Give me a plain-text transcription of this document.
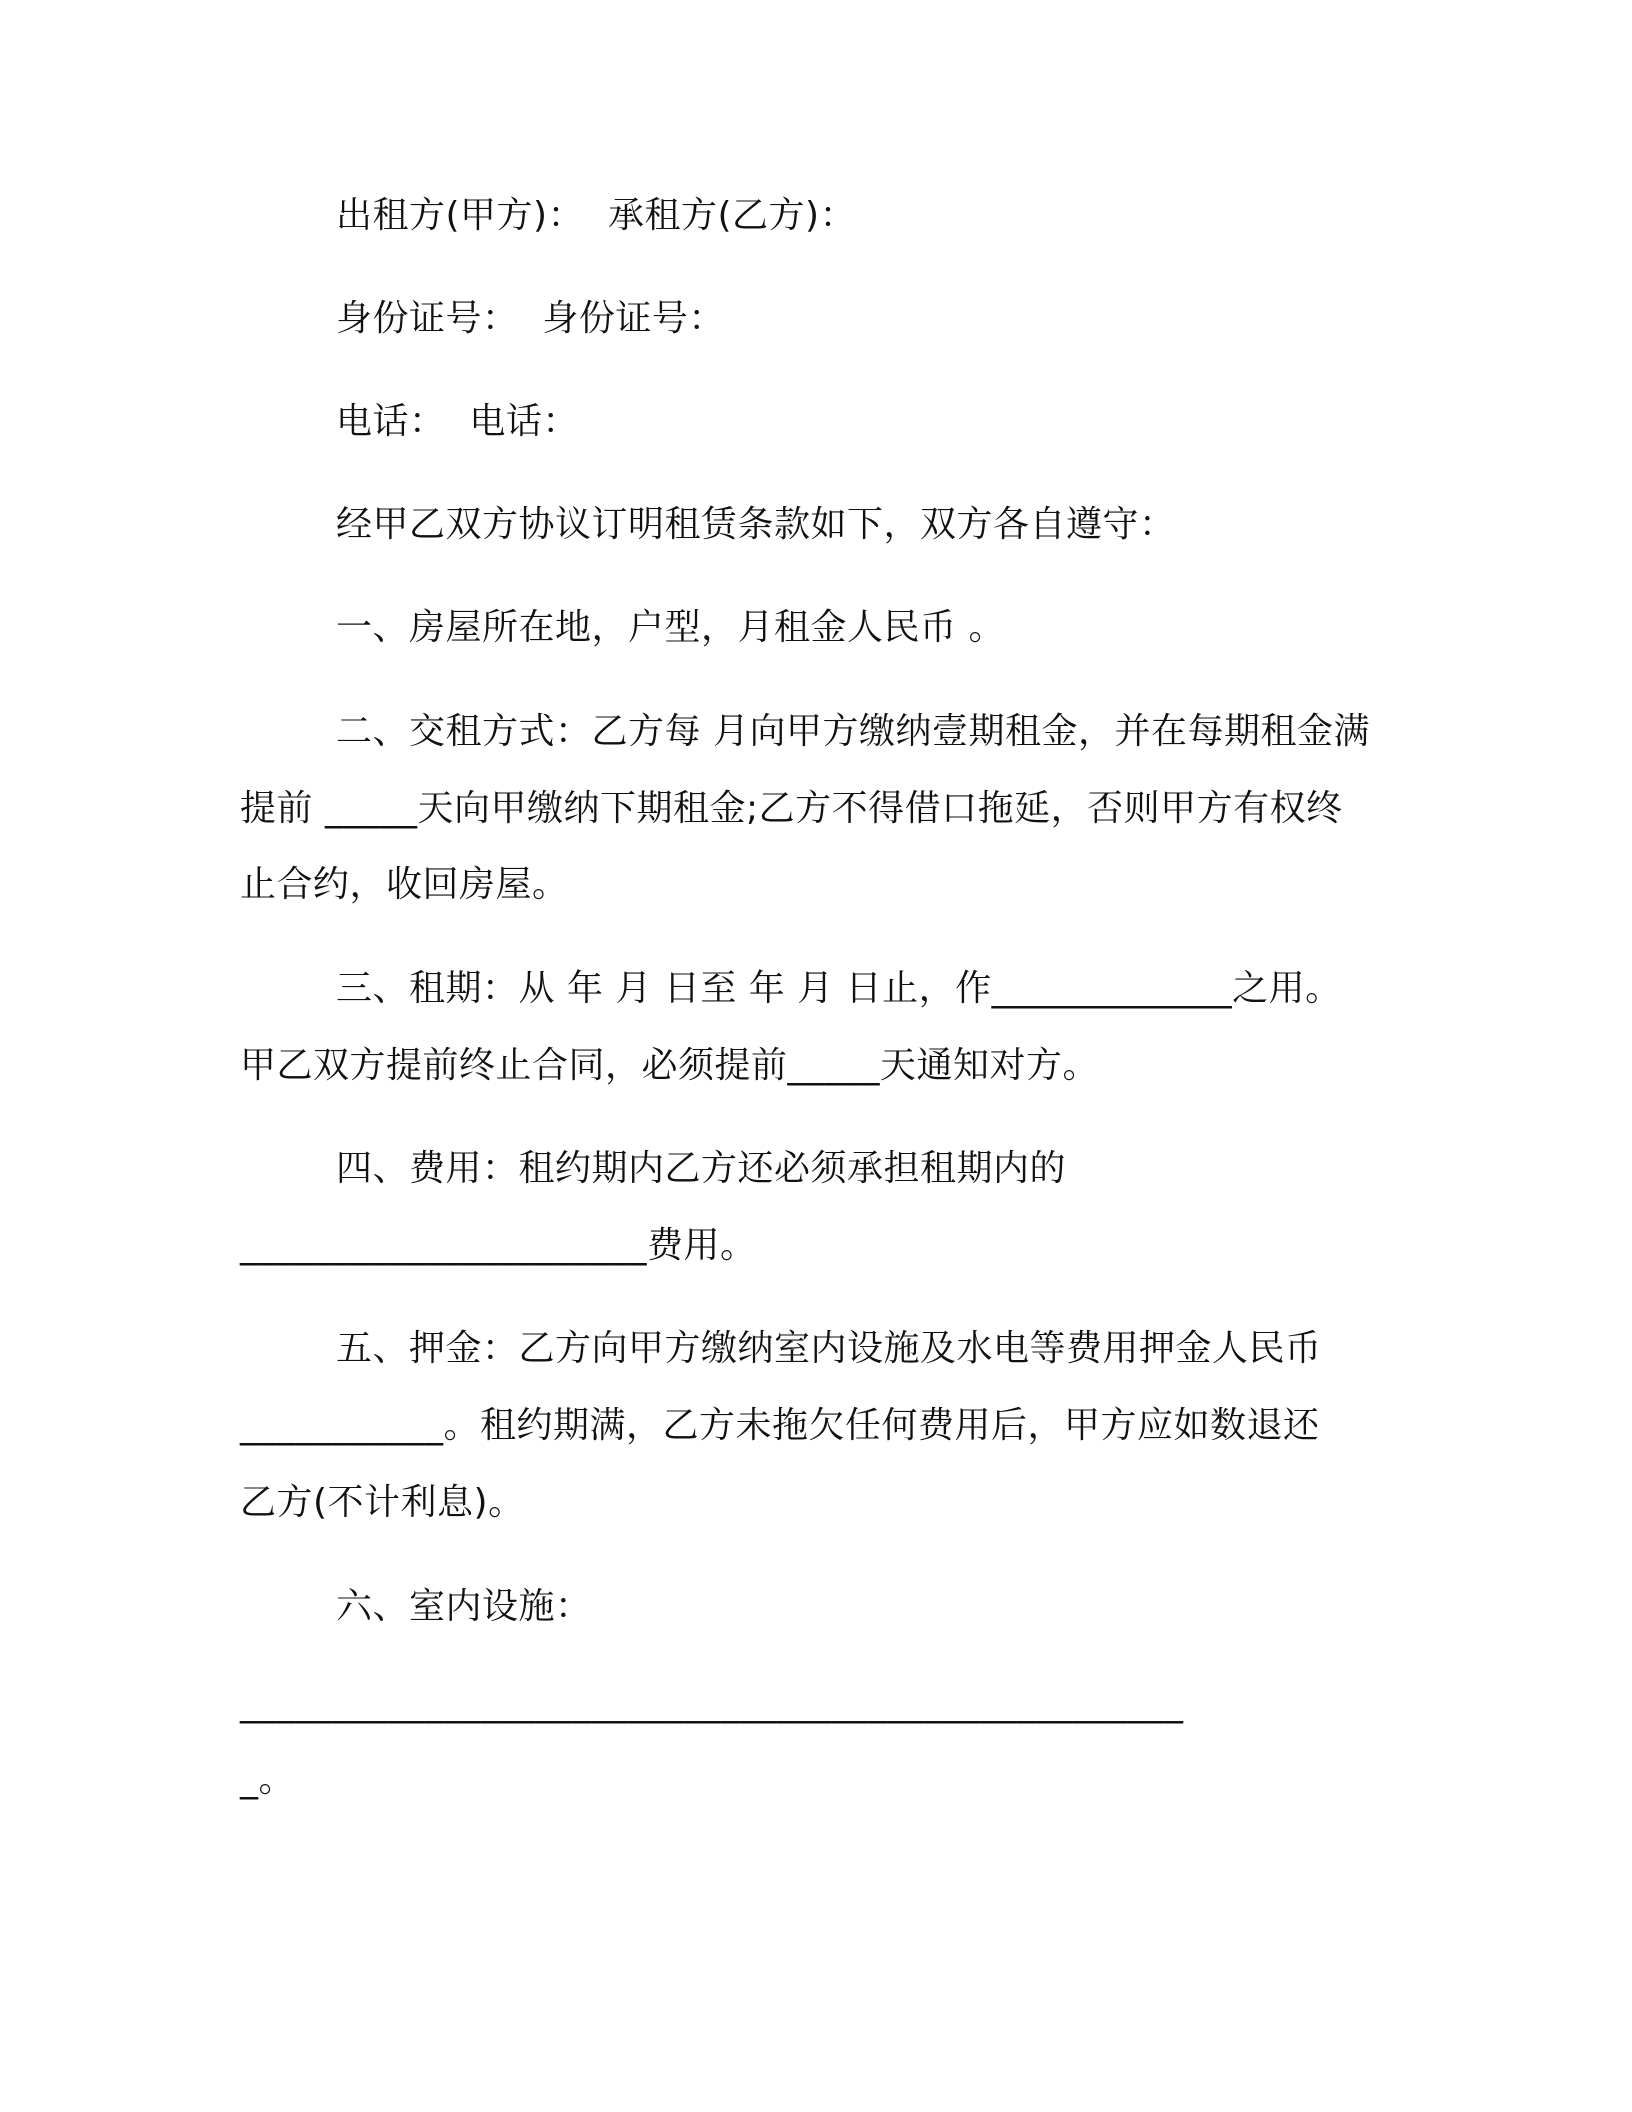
出租方(甲方)：  承租方(乙方)：
身份证号：  身份证号：
电话：  电话：
经甲乙双方协议订明租赁条款如下，双方各自遵守：
一、房屋所在地，户型，月租金人民币 。
二、交租方式：乙方每 月向甲方缴纳壹期租金，并在每期租金满
提前 _____天向甲缴纳下期租金;乙方不得借口拖延，否则甲方有权终
止合约，收回房屋。
三、租期：从 年 月 日至 年 月 日止，作_____________之用。
甲乙双方提前终止合同，必须提前_____天通知对方。
四、费用：租约期内乙方还必须承担租期内的
______________________费用。
五、押金：乙方向甲方缴纳室内设施及水电等费用押金人民币
___________。租约期满，乙方未拖欠任何费用后，甲方应如数退还
乙方(不计利息)。
六、室内设施：
___________________________________________________
_。
